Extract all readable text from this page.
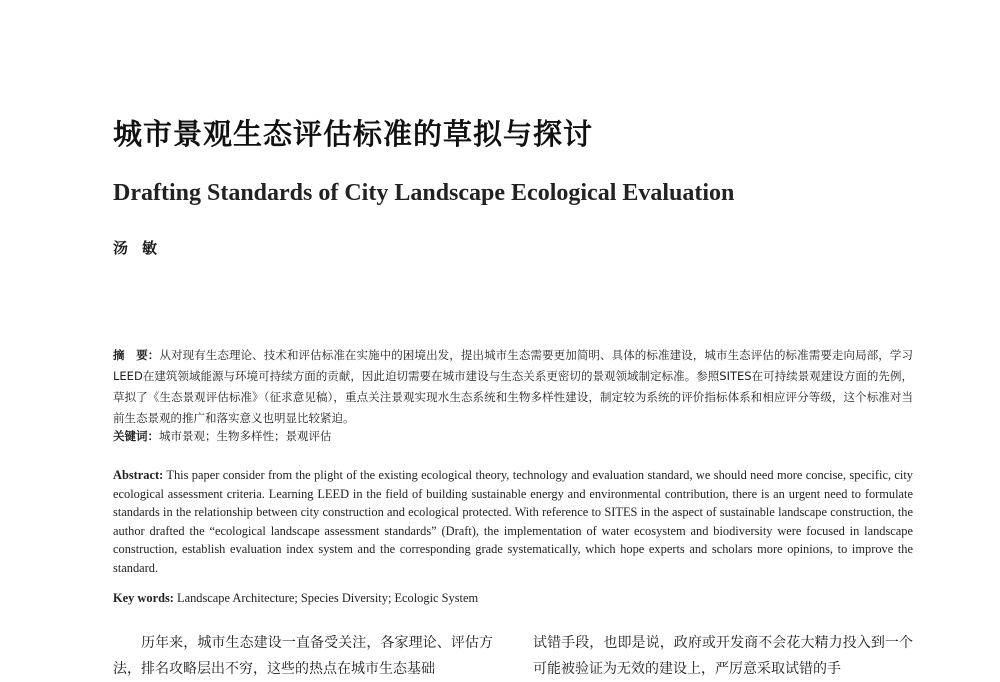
城市景观生态评估标准的草拟与探讨
Drafting Standards of City Landscape Ecological Evaluation
汤敏

摘　要：从对现有生态理论、技术和评估标准在实施中的困境出发，提出城市生态需要更加简明、具体的标准建设，城市生态评估的标准需要走向局部，学习LEED在建筑领域能源与环境可持续方面的贡献，因此迫切需要在城市建设与生态关系更密切的景观领域制定标准。参照SITES在可持续景观建设方面的先例，草拟了《生态景观评估标准》（征求意见稿），重点关注景观实现水生态系统和生物多样性建设，制定较为系统的评价指标体系和相应评分等级，这个标准对当前生态景观的推广和落实意义也明显比较紧迫。

关键词：城市景观；生物多样性；景观评估

Abstract: This paper consider from the plight of the existing ecological theory, technology and evaluation standard, we should need more concise, specific, city ecological assessment criteria. Learning LEED in the field of building sustainable energy and environmental contribution, there is an urgent need to formulate standards in the relationship between city construction and ecological protected. With reference to SITES in the aspect of sustainable landscape construction, the author drafted the “ecological landscape assessment standards” (Draft), the implementation of water ecosystem and biodiversity were focused in landscape construction, establish evaluation index system and the corresponding grade systematically, which hope experts and scholars more opinions, to improve the standard.

Key words: Landscape Architecture; Species Diversity; Ecologic System

历年来，城市生态建设一直备受关注，各家理论、评估方法，排名攻略层出不穷，这些的热点在城市生态基础

试错手段，也即是说，政府或开发商不会花大精力投入到一个可能被验证为无效的建设上，严厉意采取试错的手
